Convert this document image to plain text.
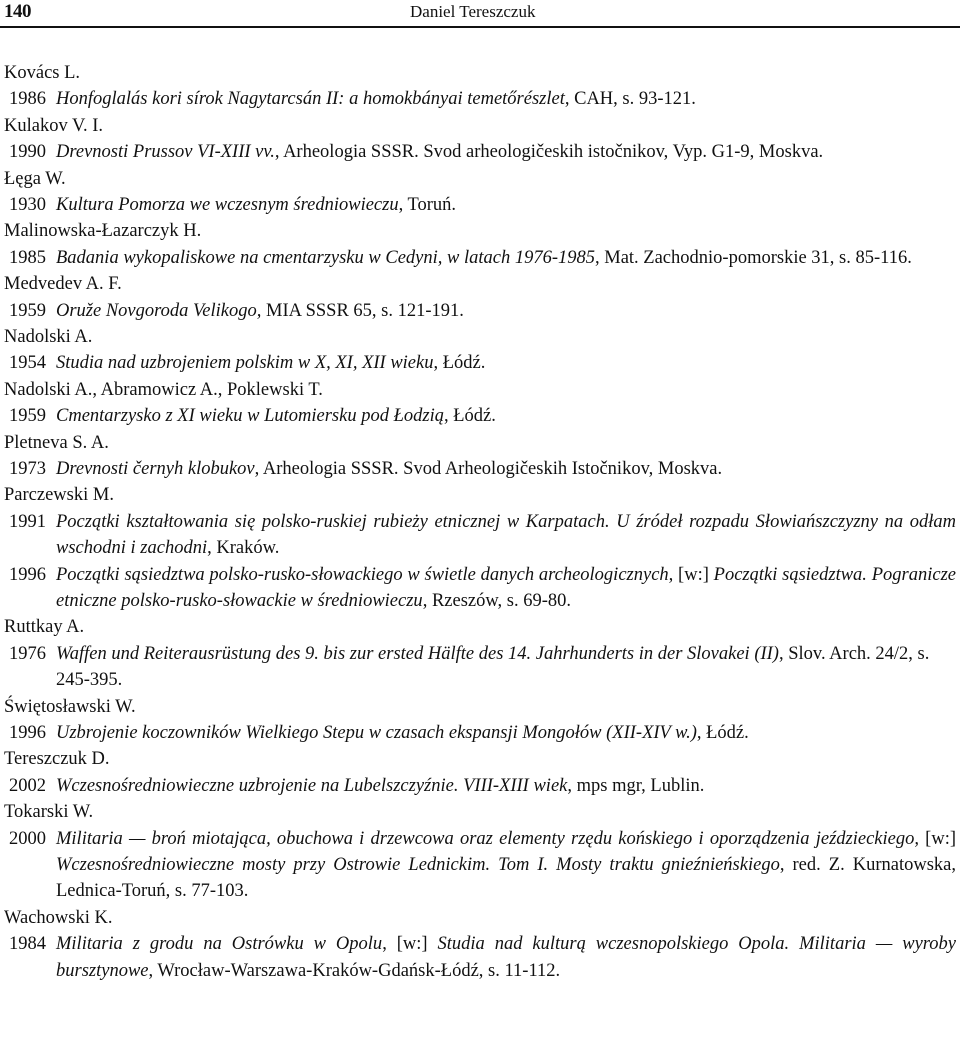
140	Daniel Tereszczuk
Kovács L.
1986 Honfoglalás kori sírok Nagytarcsán II: a homokbányai temetőrészlet, CAH, s. 93-121.
Kulakov V. I.
1990 Drevnosti Prussov VI-XIII vv., Arheologia SSSR. Svod arheologičeskih istočnikov, Vyp. G1-9, Moskva.
Łęga W.
1930 Kultura Pomorza we wczesnym średniowieczu, Toruń.
Malinowska-Łazarczyk H.
1985 Badania wykopaliskowe na cmentarzysku w Cedyni, w latach 1976-1985, Mat. Zachodnio-pomorskie 31, s. 85-116.
Medvedev A. F.
1959 Oruže Novgoroda Velikogo, MIA SSSR 65, s. 121-191.
Nadolski A.
1954 Studia nad uzbrojeniem polskim w X, XI, XII wieku, Łódź.
Nadolski A., Abramowicz A., Poklewski T.
1959 Cmentarzysko z XI wieku w Lutomiersku pod Łodzią, Łódź.
Pletneva S. A.
1973 Drevnosti černyh klobukov, Arheologia SSSR. Svod Arheologičeskih Istočnikov, Moskva.
Parczewski M.
1991 Początki kształtowania się polsko-ruskiej rubieży etnicznej w Karpatach. U źródeł rozpadu Słowiańszczyzny na odłam wschodni i zachodni, Kraków.
1996 Początki sąsiedztwa polsko-rusko-słowackiego w świetle danych archeologicznych, [w:] Początki sąsiedztwa. Pogranicze etniczne polsko-rusko-słowackie w średniowieczu, Rzeszów, s. 69-80.
Ruttkay A.
1976 Waffen und Reiterausrüstung des 9. bis zur ersted Hälfte des 14. Jahrhunderts in der Slovakei (II), Slov. Arch. 24/2, s. 245-395.
Świętosławski W.
1996 Uzbrojenie koczowników Wielkiego Stepu w czasach ekspansji Mongołów (XII-XIV w.), Łódź.
Tereszczuk D.
2002 Wczesnośredniowieczne uzbrojenie na Lubelszczyźnie. VIII-XIII wiek, mps mgr, Lublin.
Tokarski W.
2000 Militaria — broń miotająca, obuchowa i drzewcowa oraz elementy rzędu końskiego i oporządzenia jeździeckiego, [w:] Wczesnośredniowieczne mosty przy Ostrowie Lednickim. Tom I. Mosty traktu gnieźnieńskiego, red. Z. Kurnatowska, Lednica-Toruń, s. 77-103.
Wachowski K.
1984 Militaria z grodu na Ostrówku w Opolu, [w:] Studia nad kulturą wczesnopolskiego Opola. Militaria — wyroby bursztynowe, Wrocław-Warszawa-Kraków-Gdańsk-Łódź, s. 11-112.
